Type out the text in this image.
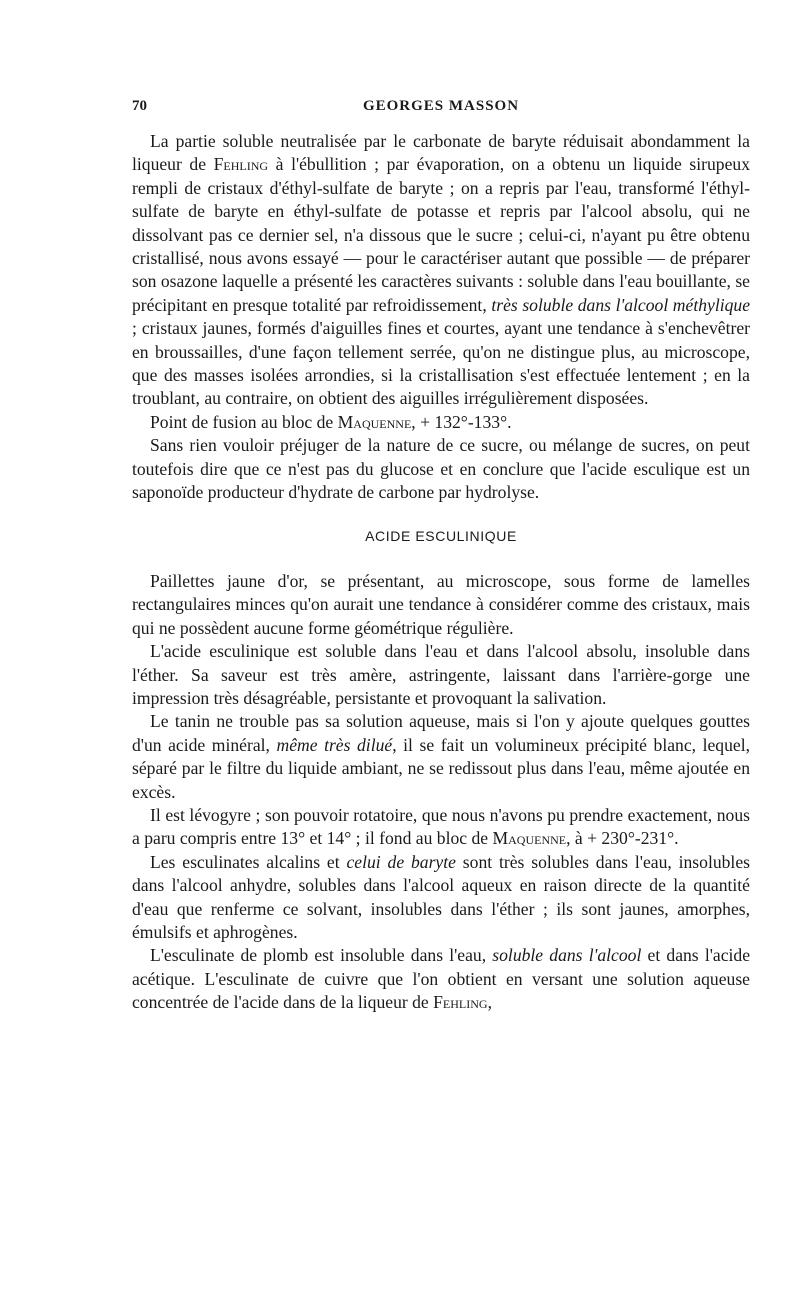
70	GEORGES MASSON

La partie soluble neutralisée par le carbonate de baryte réduisait abondamment la liqueur de Fehling à l'ébullition ; par évaporation, on a obtenu un liquide sirupeux rempli de cristaux d'éthyl-sulfate de baryte ; on a repris par l'eau, transformé l'éthyl-sulfate de baryte en éthyl-sulfate de potasse et repris par l'alcool absolu, qui ne dissolvant pas ce dernier sel, n'a dissous que le sucre ; celui-ci, n'ayant pu être obtenu cristallisé, nous avons essayé — pour le caractériser autant que possible — de préparer son osazone laquelle a présenté les caractères suivants : soluble dans l'eau bouillante, se précipitant en presque totalité par refroidissement, très soluble dans l'alcool méthylique ; cristaux jaunes, formés d'aiguilles fines et courtes, ayant une tendance à s'enchevêtrer en broussailles, d'une façon tellement serrée, qu'on ne distingue plus, au microscope, que des masses isolées arrondies, si la cristallisation s'est effectuée lentement ; en la troublant, au contraire, on obtient des aiguilles irrégulièrement disposées.

Point de fusion au bloc de Maquenne, + 132°-133°.

Sans rien vouloir préjuger de la nature de ce sucre, ou mélange de sucres, on peut toutefois dire que ce n'est pas du glucose et en conclure que l'acide esculique est un saponoïde producteur d'hydrate de carbone par hydrolyse.

ACIDE ESCULINIQUE

Paillettes jaune d'or, se présentant, au microscope, sous forme de lamelles rectangulaires minces qu'on aurait une tendance à considérer comme des cristaux, mais qui ne possèdent aucune forme géométrique régulière.

L'acide esculinique est soluble dans l'eau et dans l'alcool absolu, insoluble dans l'éther. Sa saveur est très amère, astringente, laissant dans l'arrière-gorge une impression très désagréable, persistante et provoquant la salivation.

Le tanin ne trouble pas sa solution aqueuse, mais si l'on y ajoute quelques gouttes d'un acide minéral, même très dilué, il se fait un volumineux précipité blanc, lequel, séparé par le filtre du liquide ambiant, ne se redissout plus dans l'eau, même ajoutée en excès.

Il est lévogyre ; son pouvoir rotatoire, que nous n'avons pu prendre exactement, nous a paru compris entre 13° et 14° ; il fond au bloc de Maquenne, à + 230°-231°.

Les esculinates alcalins et celui de baryte sont très solubles dans l'eau, insolubles dans l'alcool anhydre, solubles dans l'alcool aqueux en raison directe de la quantité d'eau que renferme ce solvant, insolubles dans l'éther ; ils sont jaunes, amorphes, émulsifs et aphrogènes.

L'esculinate de plomb est insoluble dans l'eau, soluble dans l'alcool et dans l'acide acétique. L'esculinate de cuivre que l'on obtient en versant une solution aqueuse concentrée de l'acide dans de la liqueur de Fehling,
